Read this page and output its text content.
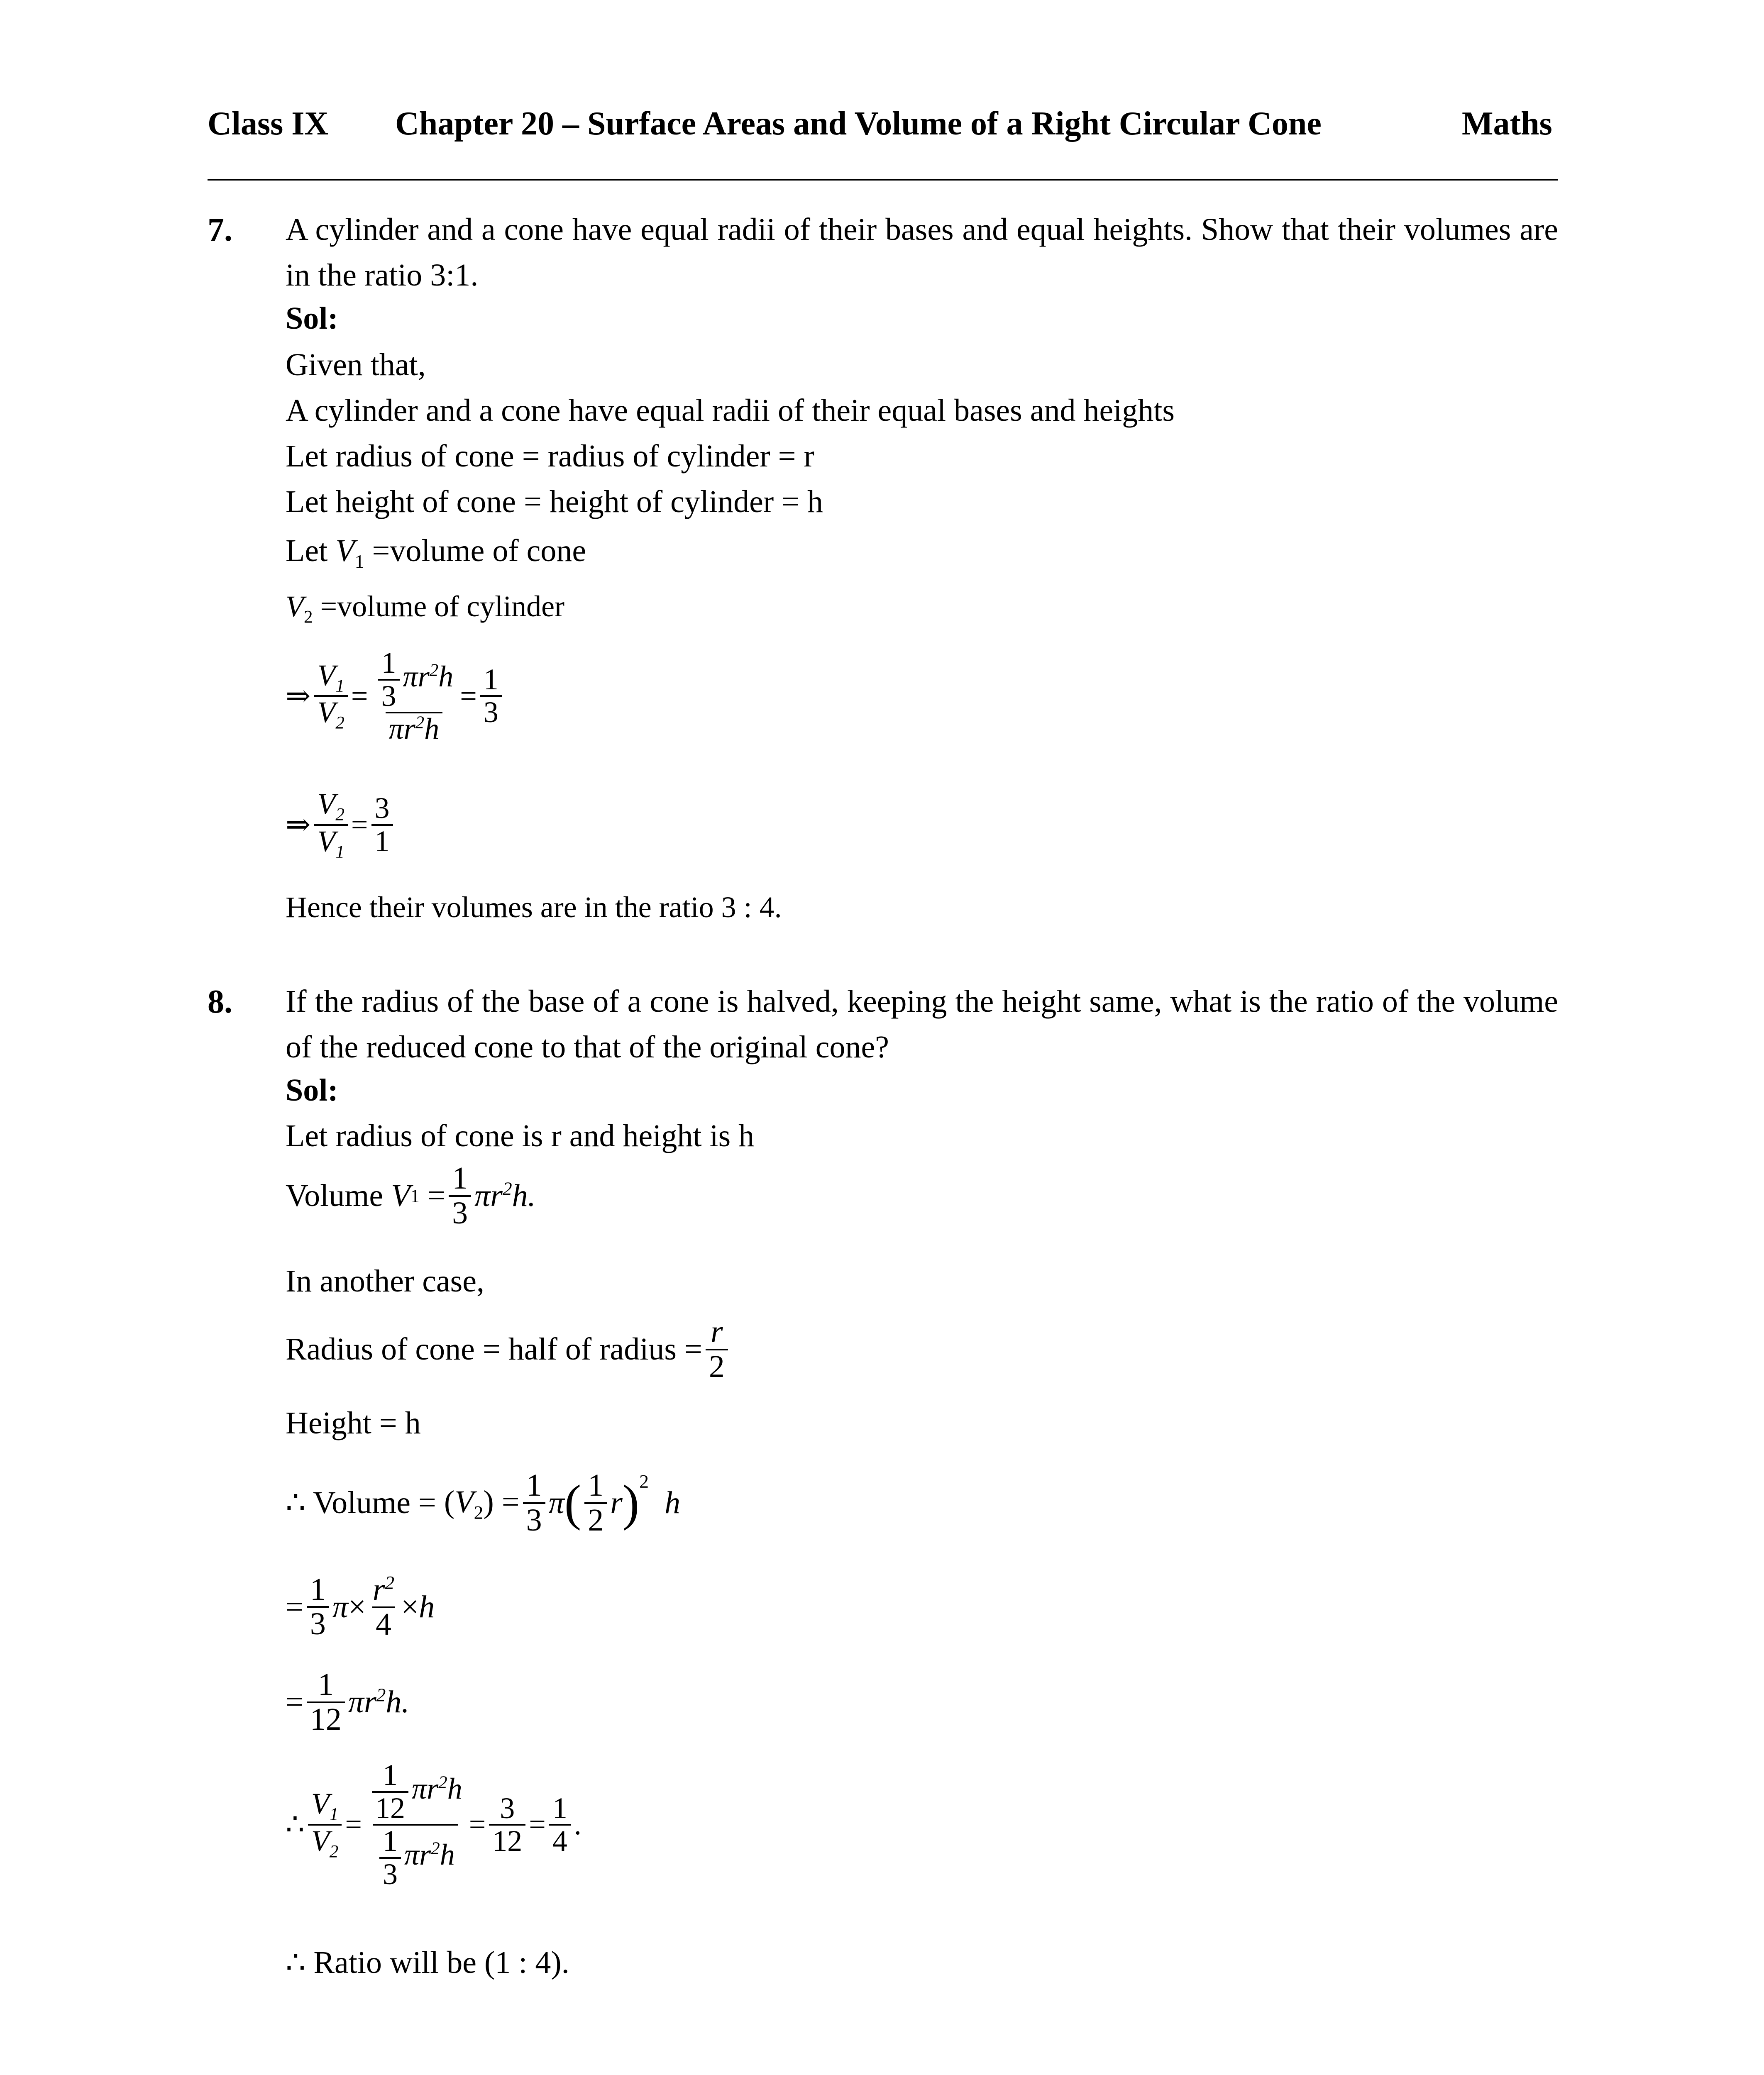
Class IX Chapter 20 – Surface Areas and Volume of a Right Circular Cone	Maths
7. A cylinder and a cone have equal radii of their bases and equal heights. Show that their volumes are in the ratio 3:1.
Sol:
Given that,
A cylinder and a cone have equal radii of their equal bases and heights
Let radius of cone = radius of cylinder = r
Let height of cone = height of cylinder = h
Let $V_1$ =volume of cone
$V_2$ =volume of cylinder
⇒ $\frac{V_1}{V_2} = \frac{\frac{1}{3} \pi r^2h}{\pi r^2h} = \frac{1}{3}$
⇒ $\frac{V_2}{V_1} = \frac{3}{1}$
Hence their volumes are in the ratio 3 : 4.
8. If the radius of the base of a cone is halved, keeping the height same, what is the ratio of the volume of the reduced cone to that of the original cone?
Sol:
Let radius of cone is r and height is h
Volume
V $1 = \frac{1}{3} \pi r^2h$.
In another case,
Radius of cone = half of radius = $\frac{r}{2}$
Height = h
∴ Volume = $(V_2) = \frac{1}{3}$ π ( $\frac{1}{2}$ r )$^2$
h
= $\frac{1}{3}$ $\pi \times \frac{r^2}{4} \times h$
= $\frac{1}{12} \pi r^2h$.
∴ $\frac{V_1}{V_2} = \frac{\frac{1}{12} \pi r^2h}{\frac{1}{3} \pi r^2h} = \frac{3}{12} = \frac{1}{4}$ .
∴ Ratio will be (1 : 4).
